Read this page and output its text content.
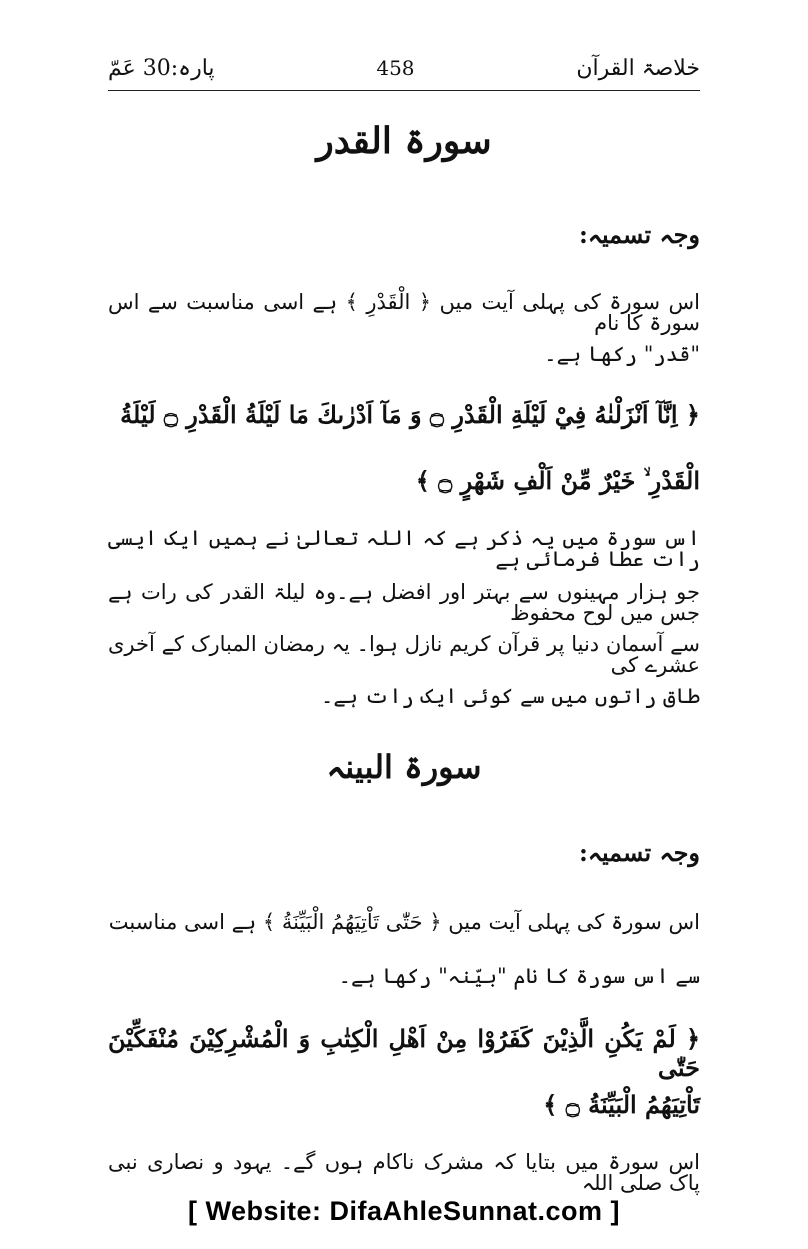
پارہ:30 عَمّ	458	خلاصۃ القرآن
سورۃ القدر
وجہ تسمیہ:
اس سورۃ کی پہلی آیت میں ﴿ الْقَدْرِ ﴾ ہے اسی مناسبت سے اس سورۃ کا نام
"قدر" رکھا ہے۔
﴿ اِنَّآ اَنْزَلْنٰهُ فِيْ لَيْلَةِ الْقَدْرِ ۝ وَ مَآ اَدْرٰىكَ مَا لَيْلَةُ الْقَدْرِ ۝ لَيْلَةُ
الْقَدْرِ ۙ خَيْرٌ مِّنْ اَلْفِ شَهْرٍ ۝ ﴾
اس سورۃ میں یہ ذکر ہے کہ اللہ تعالیٰ نے ہمیں ایک ایسی رات عطا فرمائی ہے
جو ہزار مہینوں سے بہتر اور افضل ہے۔وہ لیلۃ القدر کی رات ہے جس میں لوح محفوظ
سے آسمان دنیا پر قرآن کریم نازل ہوا۔ یہ رمضان المبارک کے آخری عشرے کی
طاق راتوں میں سے کوئی ایک رات ہے۔
سورۃ البینہ
وجہ تسمیہ:
اس سورۃ کی پہلی آیت میں ﴿ حَتّٰى تَاْتِيَهُمُ الْبَيِّنَةُ ﴾ ہے اسی مناسبت
سے اس سورۃ کا نام "بیّنہ" رکھا ہے۔
﴿ لَمْ يَكُنِ الَّذِيْنَ كَفَرُوْا مِنْ اَهْلِ الْكِتٰبِ وَ الْمُشْرِكِيْنَ مُنْفَكِّيْنَ حَتّٰى
تَاْتِيَهُمُ الْبَيِّنَةُ ۝ ﴾
اس سورۃ میں بتایا کہ مشرک ناکام ہوں گے۔ یہود و نصاری نبی پاک صلی اللہ
[ Website: DifaAhleSunnat.com ]
